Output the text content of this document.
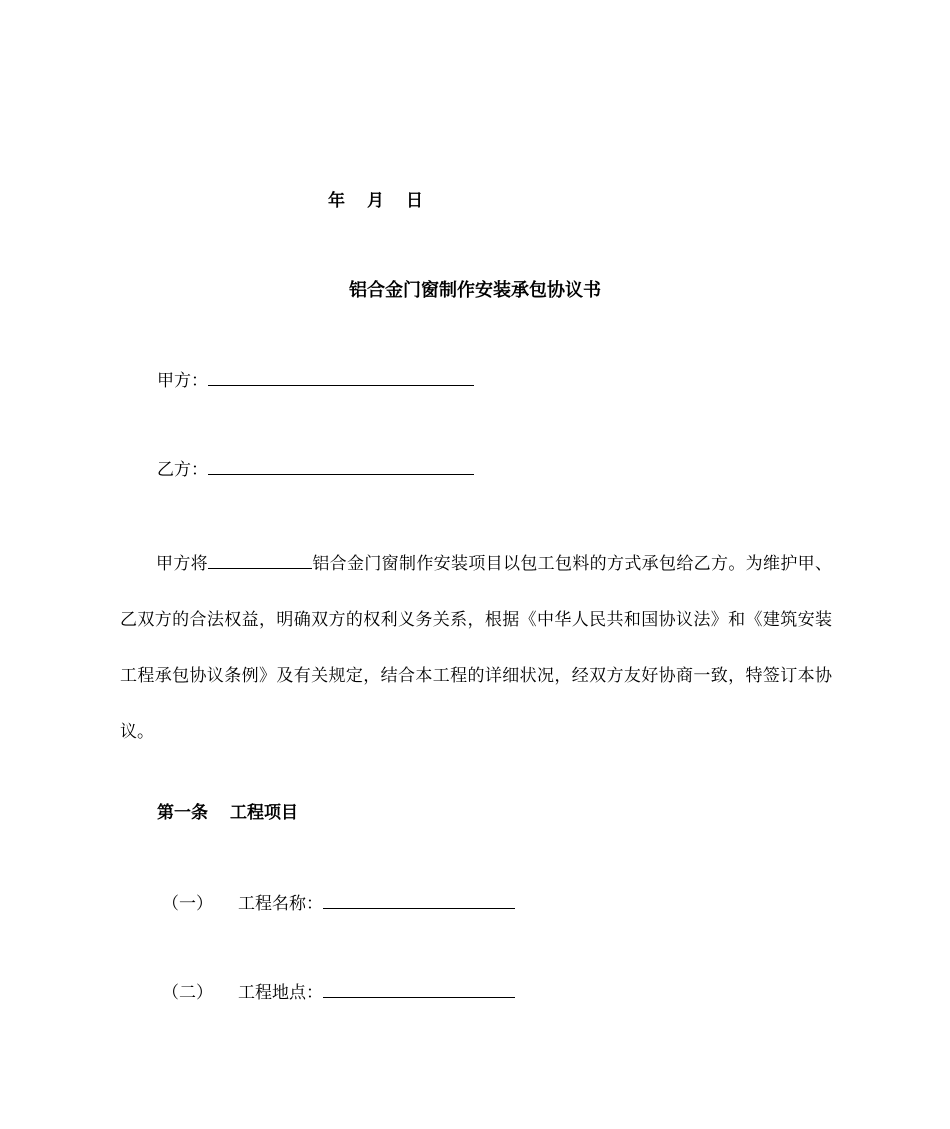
年 月 日
铝合金门窗制作安装承包协议书
甲方：
乙方：
甲方将	铝合金门窗制作安装项目以包工包料的方式承包给乙方。为维护甲、乙双方的合法权益，明确双方的权利义务关系，根据《中华人民共和国协议法》和《建筑安装工程承包协议条例》及有关规定，结合本工程的详细状况，经双方友好协商一致，特签订本协议。
第一条 工程项目
（一） 工程名称：
（二） 工程地点：
